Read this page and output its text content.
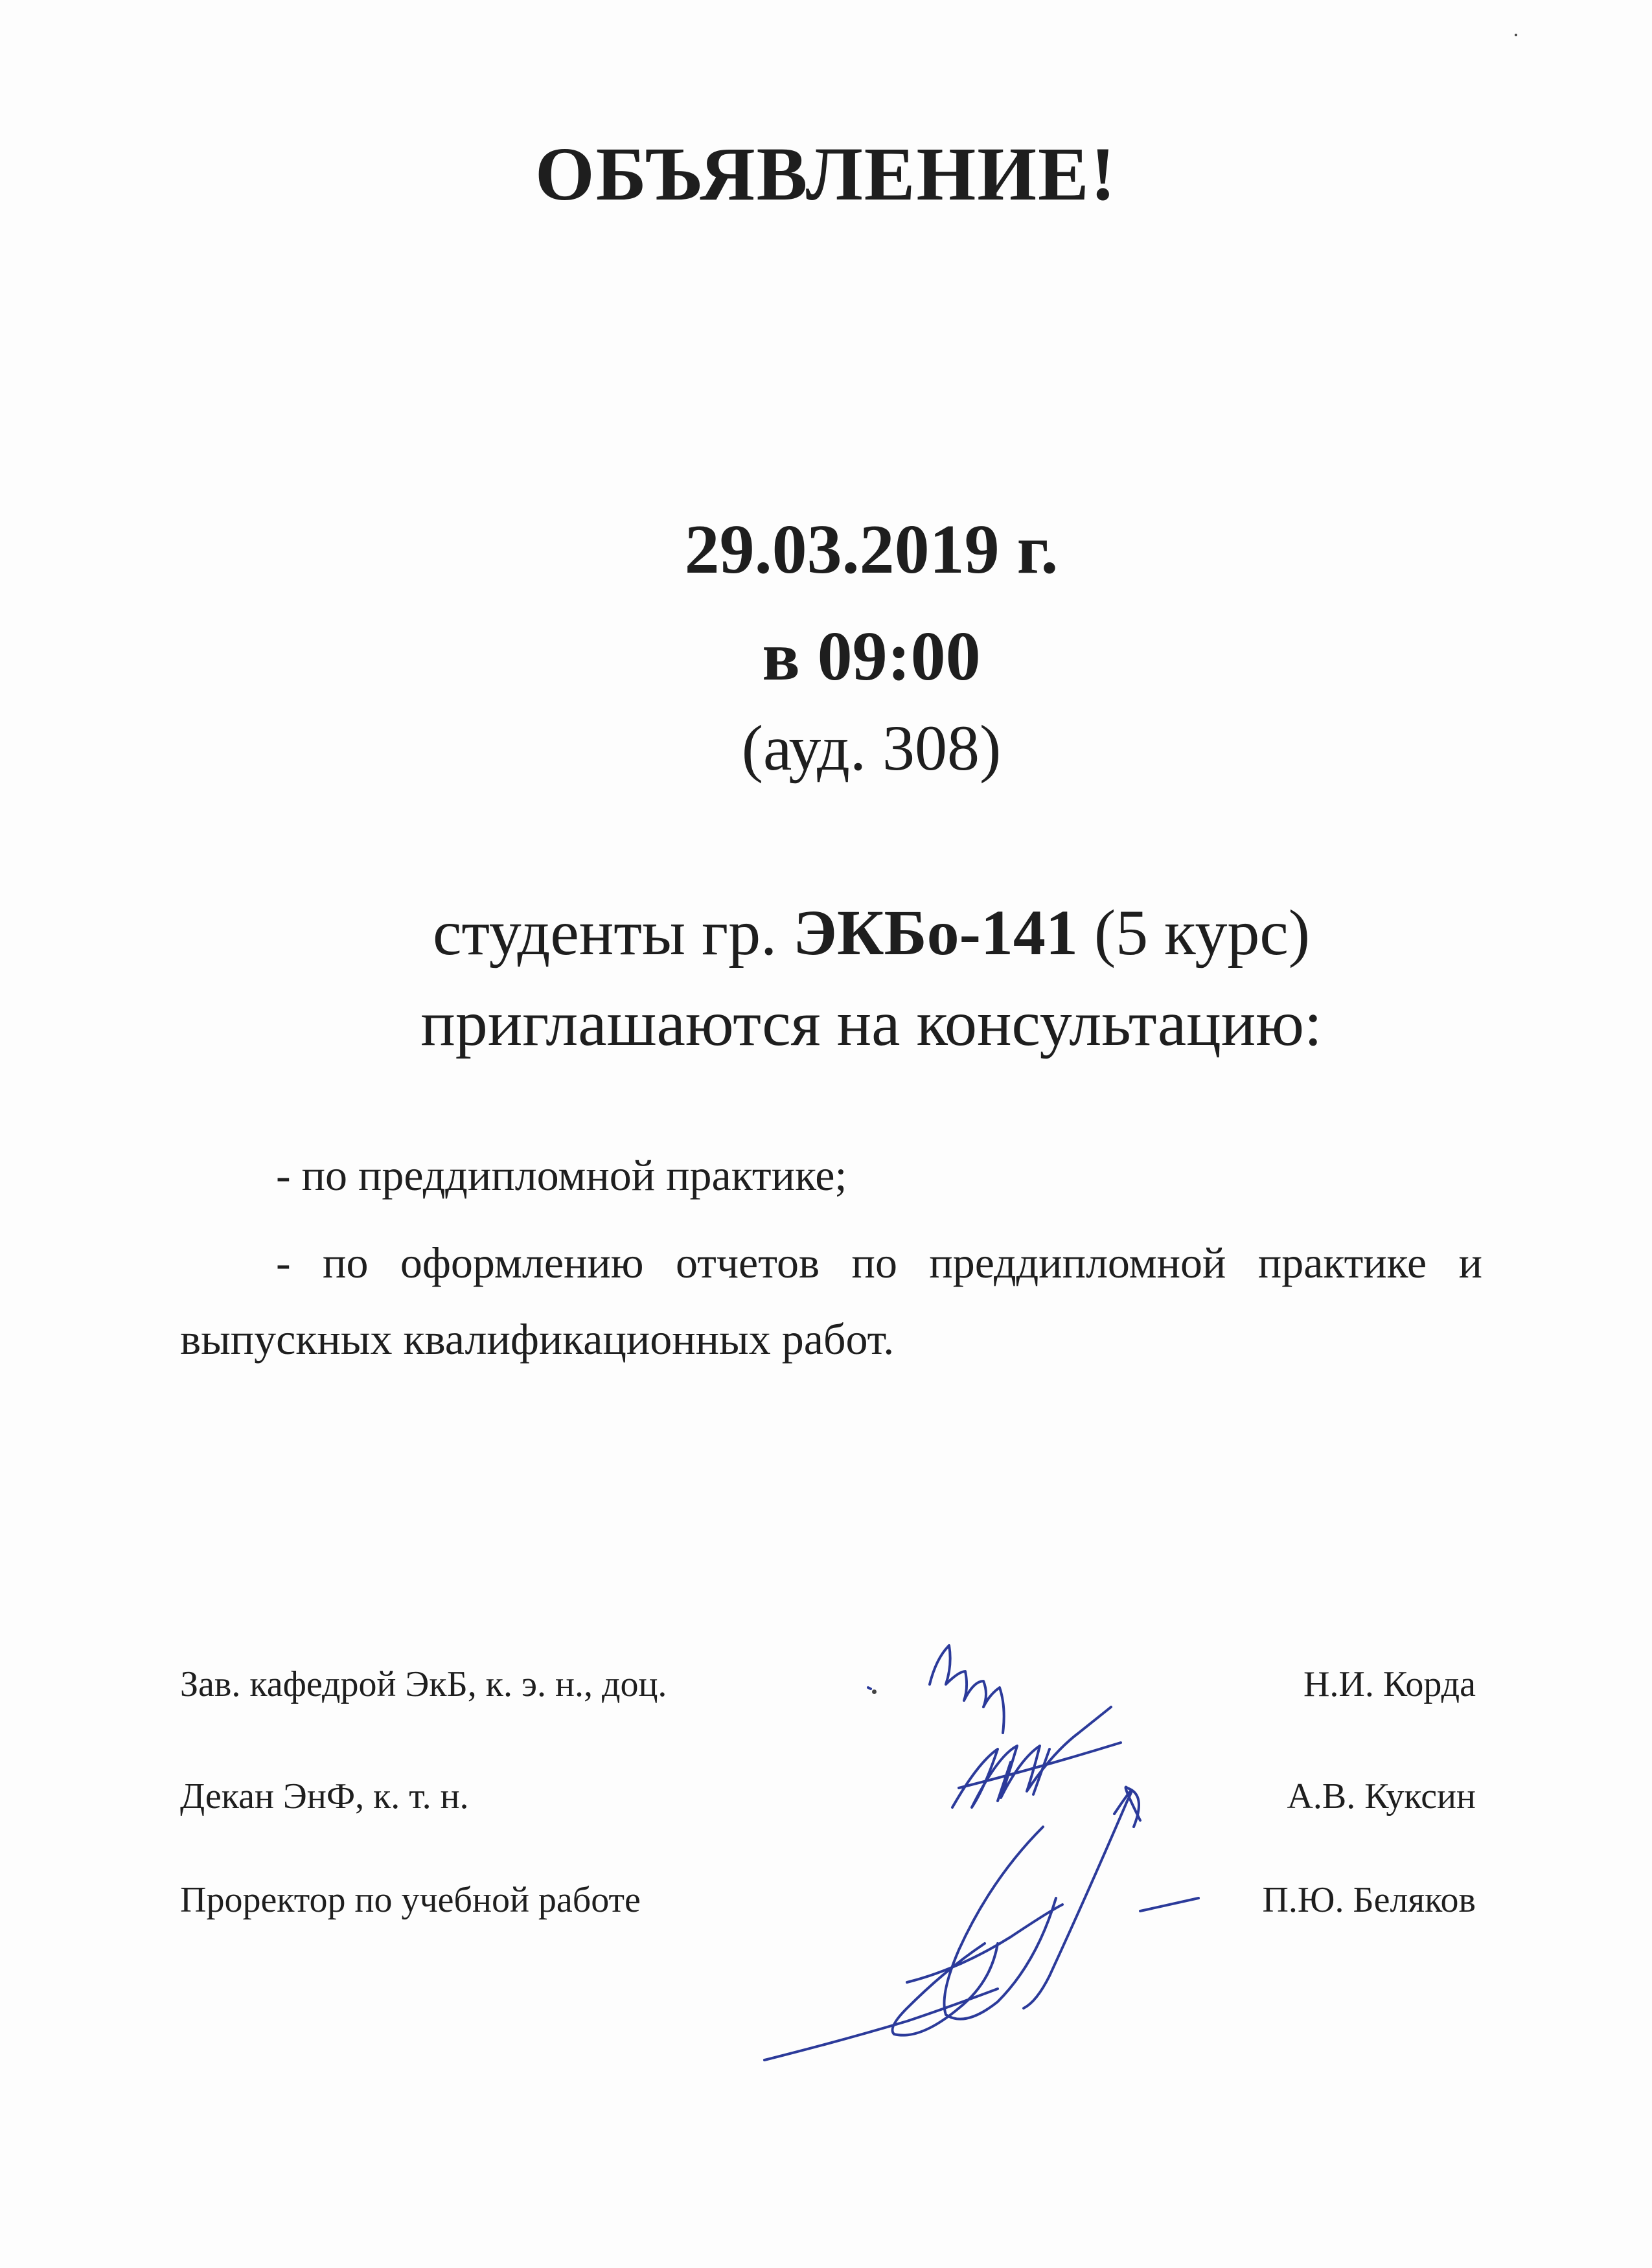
ОБЪЯВЛЕНИЕ!
29.03.2019 г.
в 09:00
(ауд. 308)
студенты гр. ЭКБо-141 (5 курс)
приглашаются на консультацию:
- по преддипломной практике;
- по оформлению отчетов по преддипломной практике и выпускных квалификационных работ.
Зав. кафедрой ЭкБ, к. э. н., доц.	Н.И. Корда
Декан ЭнФ, к. т. н.	А.В. Куксин
Проректор по учебной работе	П.Ю. Беляков
